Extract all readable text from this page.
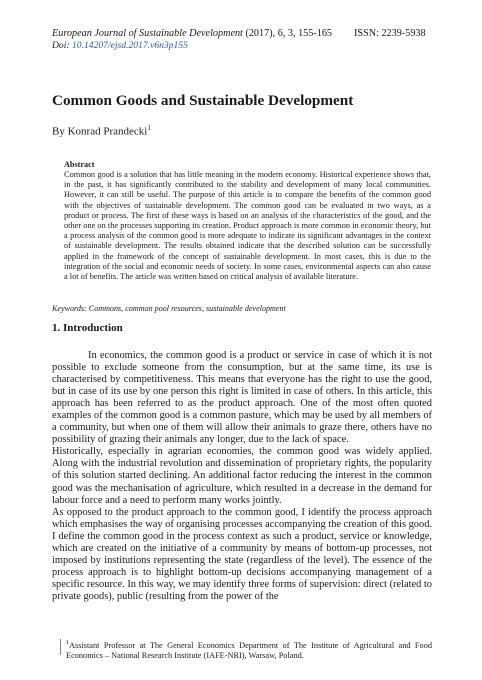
European Journal of Sustainable Development (2017), 6, 3, 155-165 ISSN: 2239-5938
Doi: 10.14207/ejsd.2017.v6n3p155
Common Goods and Sustainable Development
By Konrad Prandecki$^1$
Abstract

Common good is a solution that has little meaning in the modern economy. Historical experience shows that, in the past, it has significantly contributed to the stability and development of many local communities. However, it can still be useful. The purpose of this article is to compare the benefits of the common good with the objectives of sustainable development. The common good can be evaluated in two ways, as a product or process. The first of these ways is based on an analysis of the characteristics of the good, and the other one on the processes supporting its creation. Product approach is more common in economic theory, but a process analysis of the common good is more adequate to indicate its significant advantages in the context of sustainable development. The results obtained indicate that the described solution can be successfully applied in the framework of the concept of sustainable development. In most cases, this is due to the integration of the social and economic needs of society. In some cases, environmental aspects can also cause a lot of benefits. The article was written based on critical analysis of available literature.

Keywords: Commons, common pool resources, sustainable development
1. Introduction

In economics, the common good is a product or service in case of which it is not possible to exclude someone from the consumption, but at the same time, its use is characterised by competitiveness. This means that everyone has the right to use the good, but in case of its use by one person this right is limited in case of others. In this article, this approach has been referred to as the product approach. One of the most often quoted examples of the common good is a common pasture, which may be used by all members of a community, but when one of them will allow their animals to graze there, others have no possibility of grazing their animals any longer, due to the lack of space.

Historically, especially in agrarian economies, the common good was widely applied. Along with the industrial revolution and dissemination of proprietary rights, the popularity of this solution started declining. An additional factor reducing the interest in the common good was the mechanisation of agriculture, which resulted in a decrease in the demand for labour force and a need to perform many works jointly.

As opposed to the product approach to the common good, I identify the process approach which emphasises the way of organising processes accompanying the creation of this good. I define the common good in the process context as such a product, service or knowledge, which are created on the initiative of a community by means of bottom-up processes, not imposed by institutions representing the state (regardless of the level). The essence of the process approach is to highlight bottom-up decisions accompanying management of a specific resource. In this way, we may identify three forms of supervision: direct (related to private goods), public (resulting from the power of the

$^1$Assistant Professor at The General Economics Department of The Institute of Agricultural and Food Economics – National Research Institute (IAFE-NRI), Warsaw, Poland.
